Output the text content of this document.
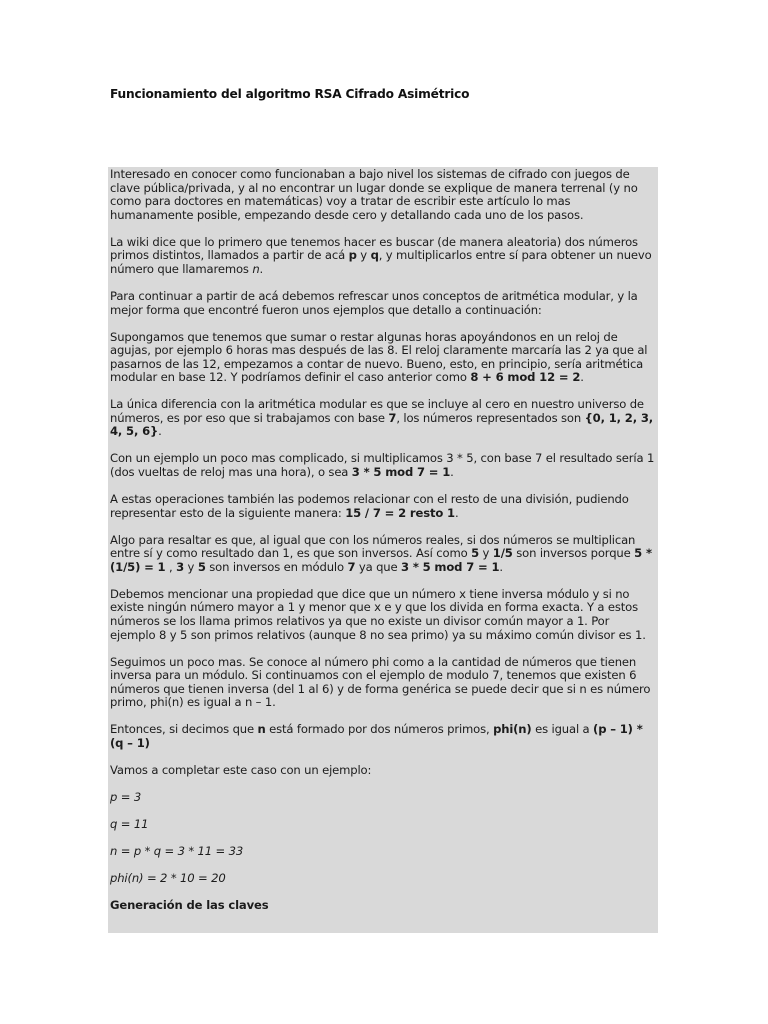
Funcionamiento del algoritmo RSA Cifrado Asimétrico

Interesado en conocer como funcionaban a bajo nivel los sistemas de cifrado con juegos de clave pública/privada, y al no encontrar un lugar donde se explique de manera terrenal (y no como para doctores en matemáticas) voy a tratar de escribir este artículo lo mas humanamente posible, empezando desde cero y detallando cada uno de los pasos.

La wiki dice que lo primero que tenemos hacer es buscar (de manera aleatoria) dos números primos distintos, llamados a partir de acá p y q, y multiplicarlos entre sí para obtener un nuevo número que llamaremos n.

Para continuar a partir de acá debemos refrescar unos conceptos de aritmética modular, y la mejor forma que encontré fueron unos ejemplos que detallo a continuación:

Supongamos que tenemos que sumar o restar algunas horas apoyándonos en un reloj de agujas, por ejemplo 6 horas mas después de las 8. El reloj claramente marcaría las 2 ya que al pasarnos de las 12, empezamos a contar de nuevo. Bueno, esto, en principio, sería aritmética modular en base 12. Y podríamos definir el caso anterior como 8 + 6 mod 12 = 2.

La única diferencia con la aritmética modular es que se incluye al cero en nuestro universo de números, es por eso que si trabajamos con base 7, los números representados son {0, 1, 2, 3, 4, 5, 6}.

Con un ejemplo un poco mas complicado, si multiplicamos 3 * 5, con base 7 el resultado sería 1 (dos vueltas de reloj mas una hora), o sea 3 * 5 mod 7 = 1.

A estas operaciones también las podemos relacionar con el resto de una división, pudiendo representar esto de la siguiente manera: 15 / 7 = 2 resto 1.

Algo para resaltar es que, al igual que con los números reales, si dos números se multiplican entre sí y como resultado dan 1, es que son inversos. Así como 5 y 1/5 son inversos porque 5 * (1/5) = 1 , 3 y 5 son inversos en módulo 7 ya que 3 * 5 mod 7 = 1.

Debemos mencionar una propiedad que dice que un número x tiene inversa módulo y si no existe ningún número mayor a 1 y menor que x e y que los divida en forma exacta. Y a estos números se los llama primos relativos ya que no existe un divisor común mayor a 1. Por ejemplo 8 y 5 son primos relativos (aunque 8 no sea primo) ya su máximo común divisor es 1.

Seguimos un poco mas. Se conoce al número phi como a la cantidad de números que tienen inversa para un módulo. Si continuamos con el ejemplo de modulo 7, tenemos que existen 6 números que tienen inversa (del 1 al 6) y de forma genérica se puede decir que si n es número primo, phi(n) es igual a n – 1.

Entonces, si decimos que n está formado por dos números primos, phi(n) es igual a (p – 1) * (q – 1)

Vamos a completar este caso con un ejemplo:

p = 3

q = 11

n = p * q = 3 * 11 = 33

phi(n) = 2 * 10 = 20

Generación de las claves
